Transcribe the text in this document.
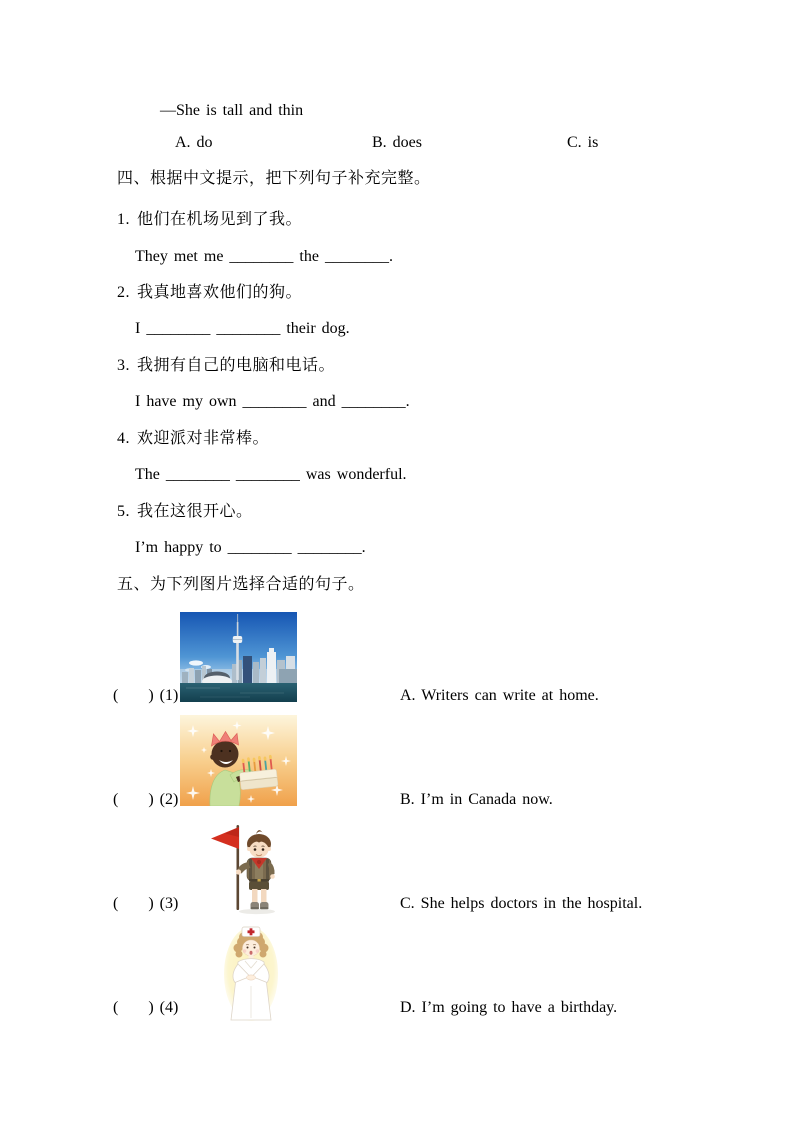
—She is tall and thin
A. do	B. does	C. is
四、根据中文提示，把下列句子补充完整。
1. 他们在机场见到了我。
They met me ________ the ________.
2. 我真地喜欢他们的狗。
I ________ ________ their dog.
3. 我拥有自己的电脑和电话。
I have my own ________ and ________.
4. 欢迎派对非常棒。
The ________ ________ was wonderful.
5. 我在这很开心。
I’m happy to ________ ________.
五、为下列图片选择合适的句子。
(     ) (1)	A. Writers can write at home.
(     ) (2)	B. I’m in Canada now.
(     ) (3)	C. She helps doctors in the hospital.
(     ) (4)	D. I’m going to have a birthday.
